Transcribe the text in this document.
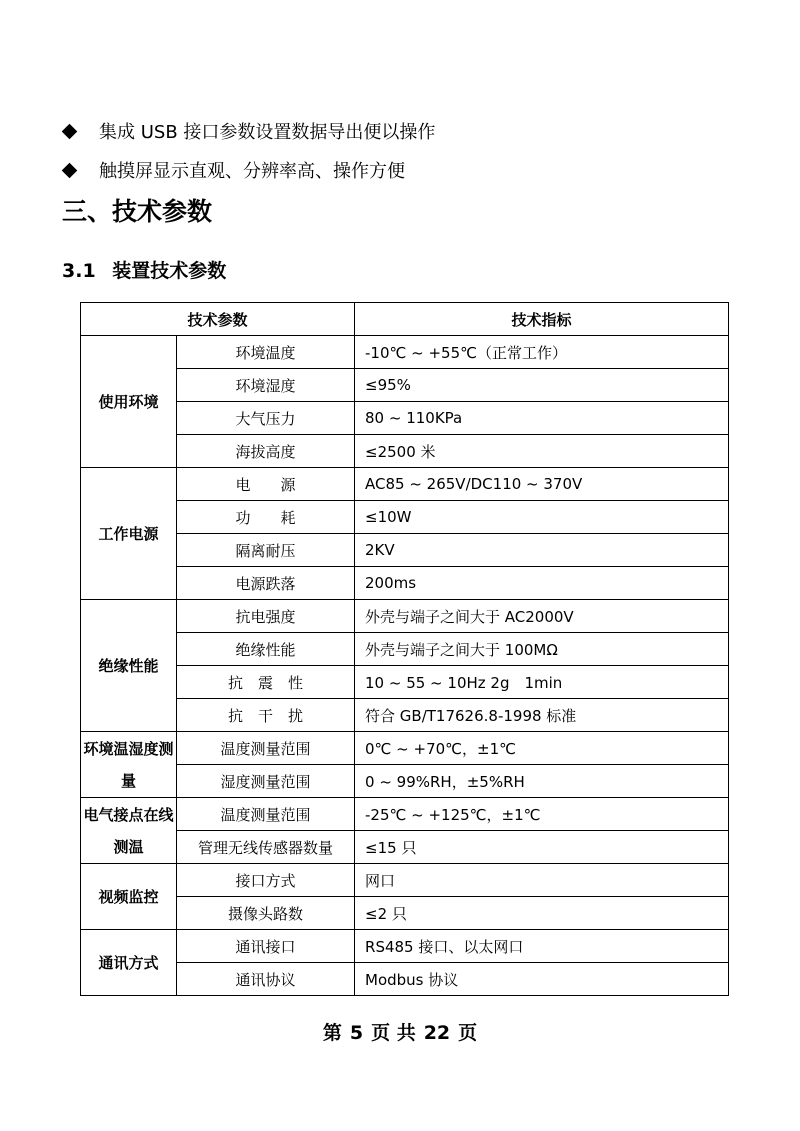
集成 USB 接口参数设置数据导出便以操作
触摸屏显示直观、分辨率高、操作方便
三、技术参数
3.1 装置技术参数
技术参数		技术指标
使用环境	环境温度	-10℃ ~ +55℃（正常工作）
	环境湿度	≤95%
	大气压力	80 ~ 110KPa
	海拔高度	≤2500 米
工作电源	电　　源	AC85 ~ 265V/DC110 ~ 370V
	功　　耗	≤10W
	隔离耐压	2KV
	电源跌落	200ms
绝缘性能	抗电强度	外壳与端子之间大于 AC2000V
	绝缘性能	外壳与端子之间大于 100MΩ
	抗　震　性	10 ~ 55 ~ 10Hz 2g　1min
	抗　干　扰	符合 GB/T17626.8-1998 标准
环境温湿度测量	温度测量范围	0℃ ~ +70℃，±1℃
	湿度测量范围	0 ~ 99%RH，±5%RH
电气接点在线测温	温度测量范围	-25℃ ~ +125℃，±1℃
	管理无线传感器数量	≤15 只
视频监控	接口方式	网口
	摄像头路数	≤2 只
通讯方式	通讯接口	RS485 接口、以太网口
	通讯协议	Modbus 协议
第 5 页 共 22 页
